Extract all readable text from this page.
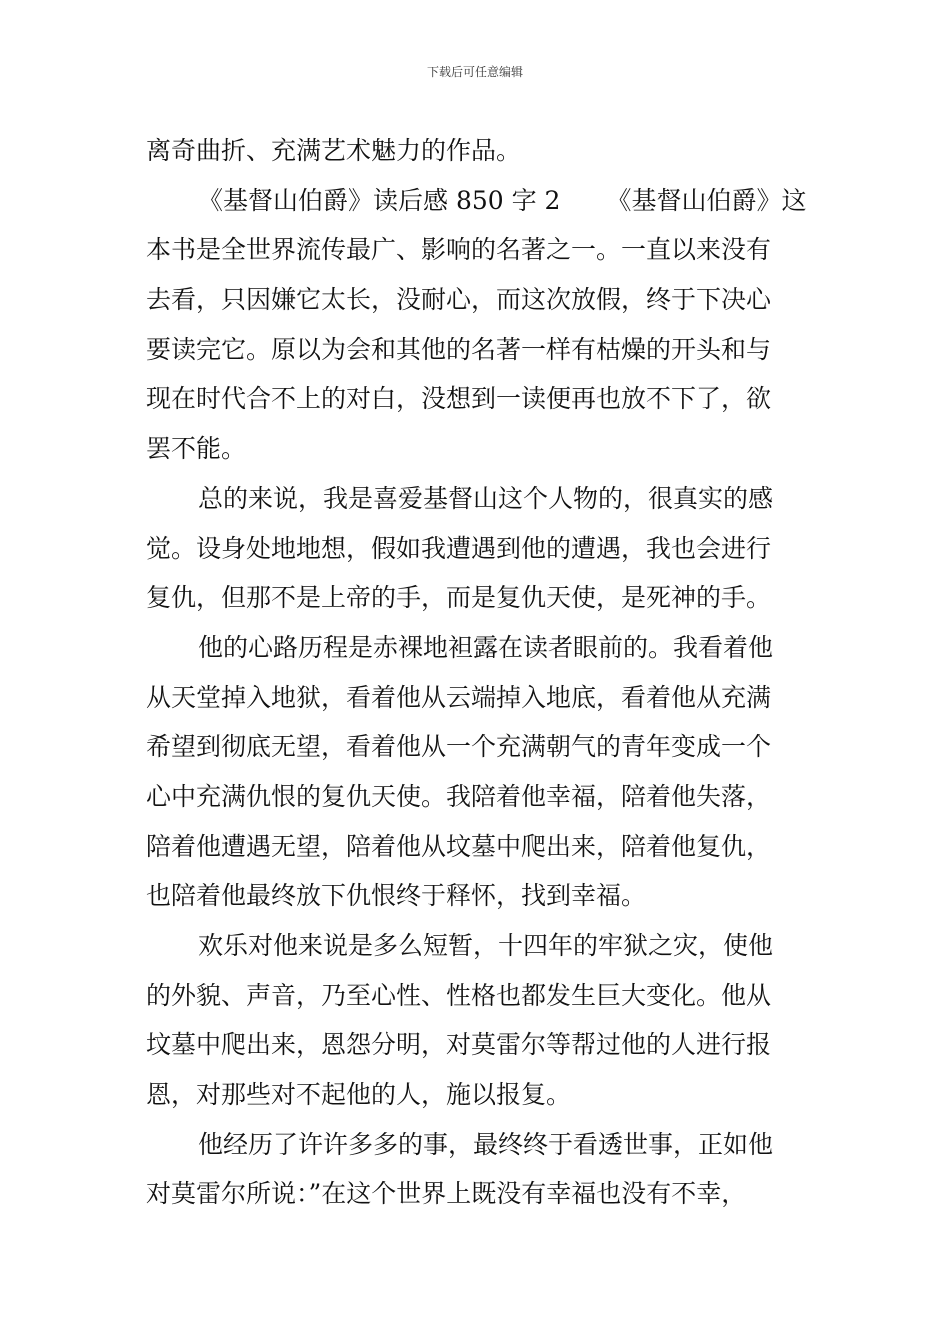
下载后可任意编辑
离奇曲折、充满艺术魅力的作品。
《基督山伯爵》读后感 850 字 2 《基督山伯爵》这
本书是全世界流传最广、影响的名著之一。一直以来没有
去看，只因嫌它太长，没耐心，而这次放假，终于下决心
要读完它。原以为会和其他的名著一样有枯燥的开头和与
现在时代合不上的对白，没想到一读便再也放不下了，欲
罢不能。
总的来说，我是喜爱基督山这个人物的，很真实的感
觉。设身处地地想，假如我遭遇到他的遭遇，我也会进行
复仇，但那不是上帝的手，而是复仇天使，是死神的手。
他的心路历程是赤裸地袒露在读者眼前的。我看着他
从天堂掉入地狱，看着他从云端掉入地底，看着他从充满
希望到彻底无望，看着他从一个充满朝气的青年变成一个
心中充满仇恨的复仇天使。我陪着他幸福，陪着他失落，
陪着他遭遇无望，陪着他从坟墓中爬出来，陪着他复仇，
也陪着他最终放下仇恨终于释怀，找到幸福。
欢乐对他来说是多么短暂，十四年的牢狱之灾，使他
的外貌、声音，乃至心性、性格也都发生巨大变化。他从
坟墓中爬出来，恩怨分明，对莫雷尔等帮过他的人进行报
恩，对那些对不起他的人，施以报复。
他经历了许许多多的事，最终终于看透世事，正如他
对莫雷尔所说：”在这个世界上既没有幸福也没有不幸，
